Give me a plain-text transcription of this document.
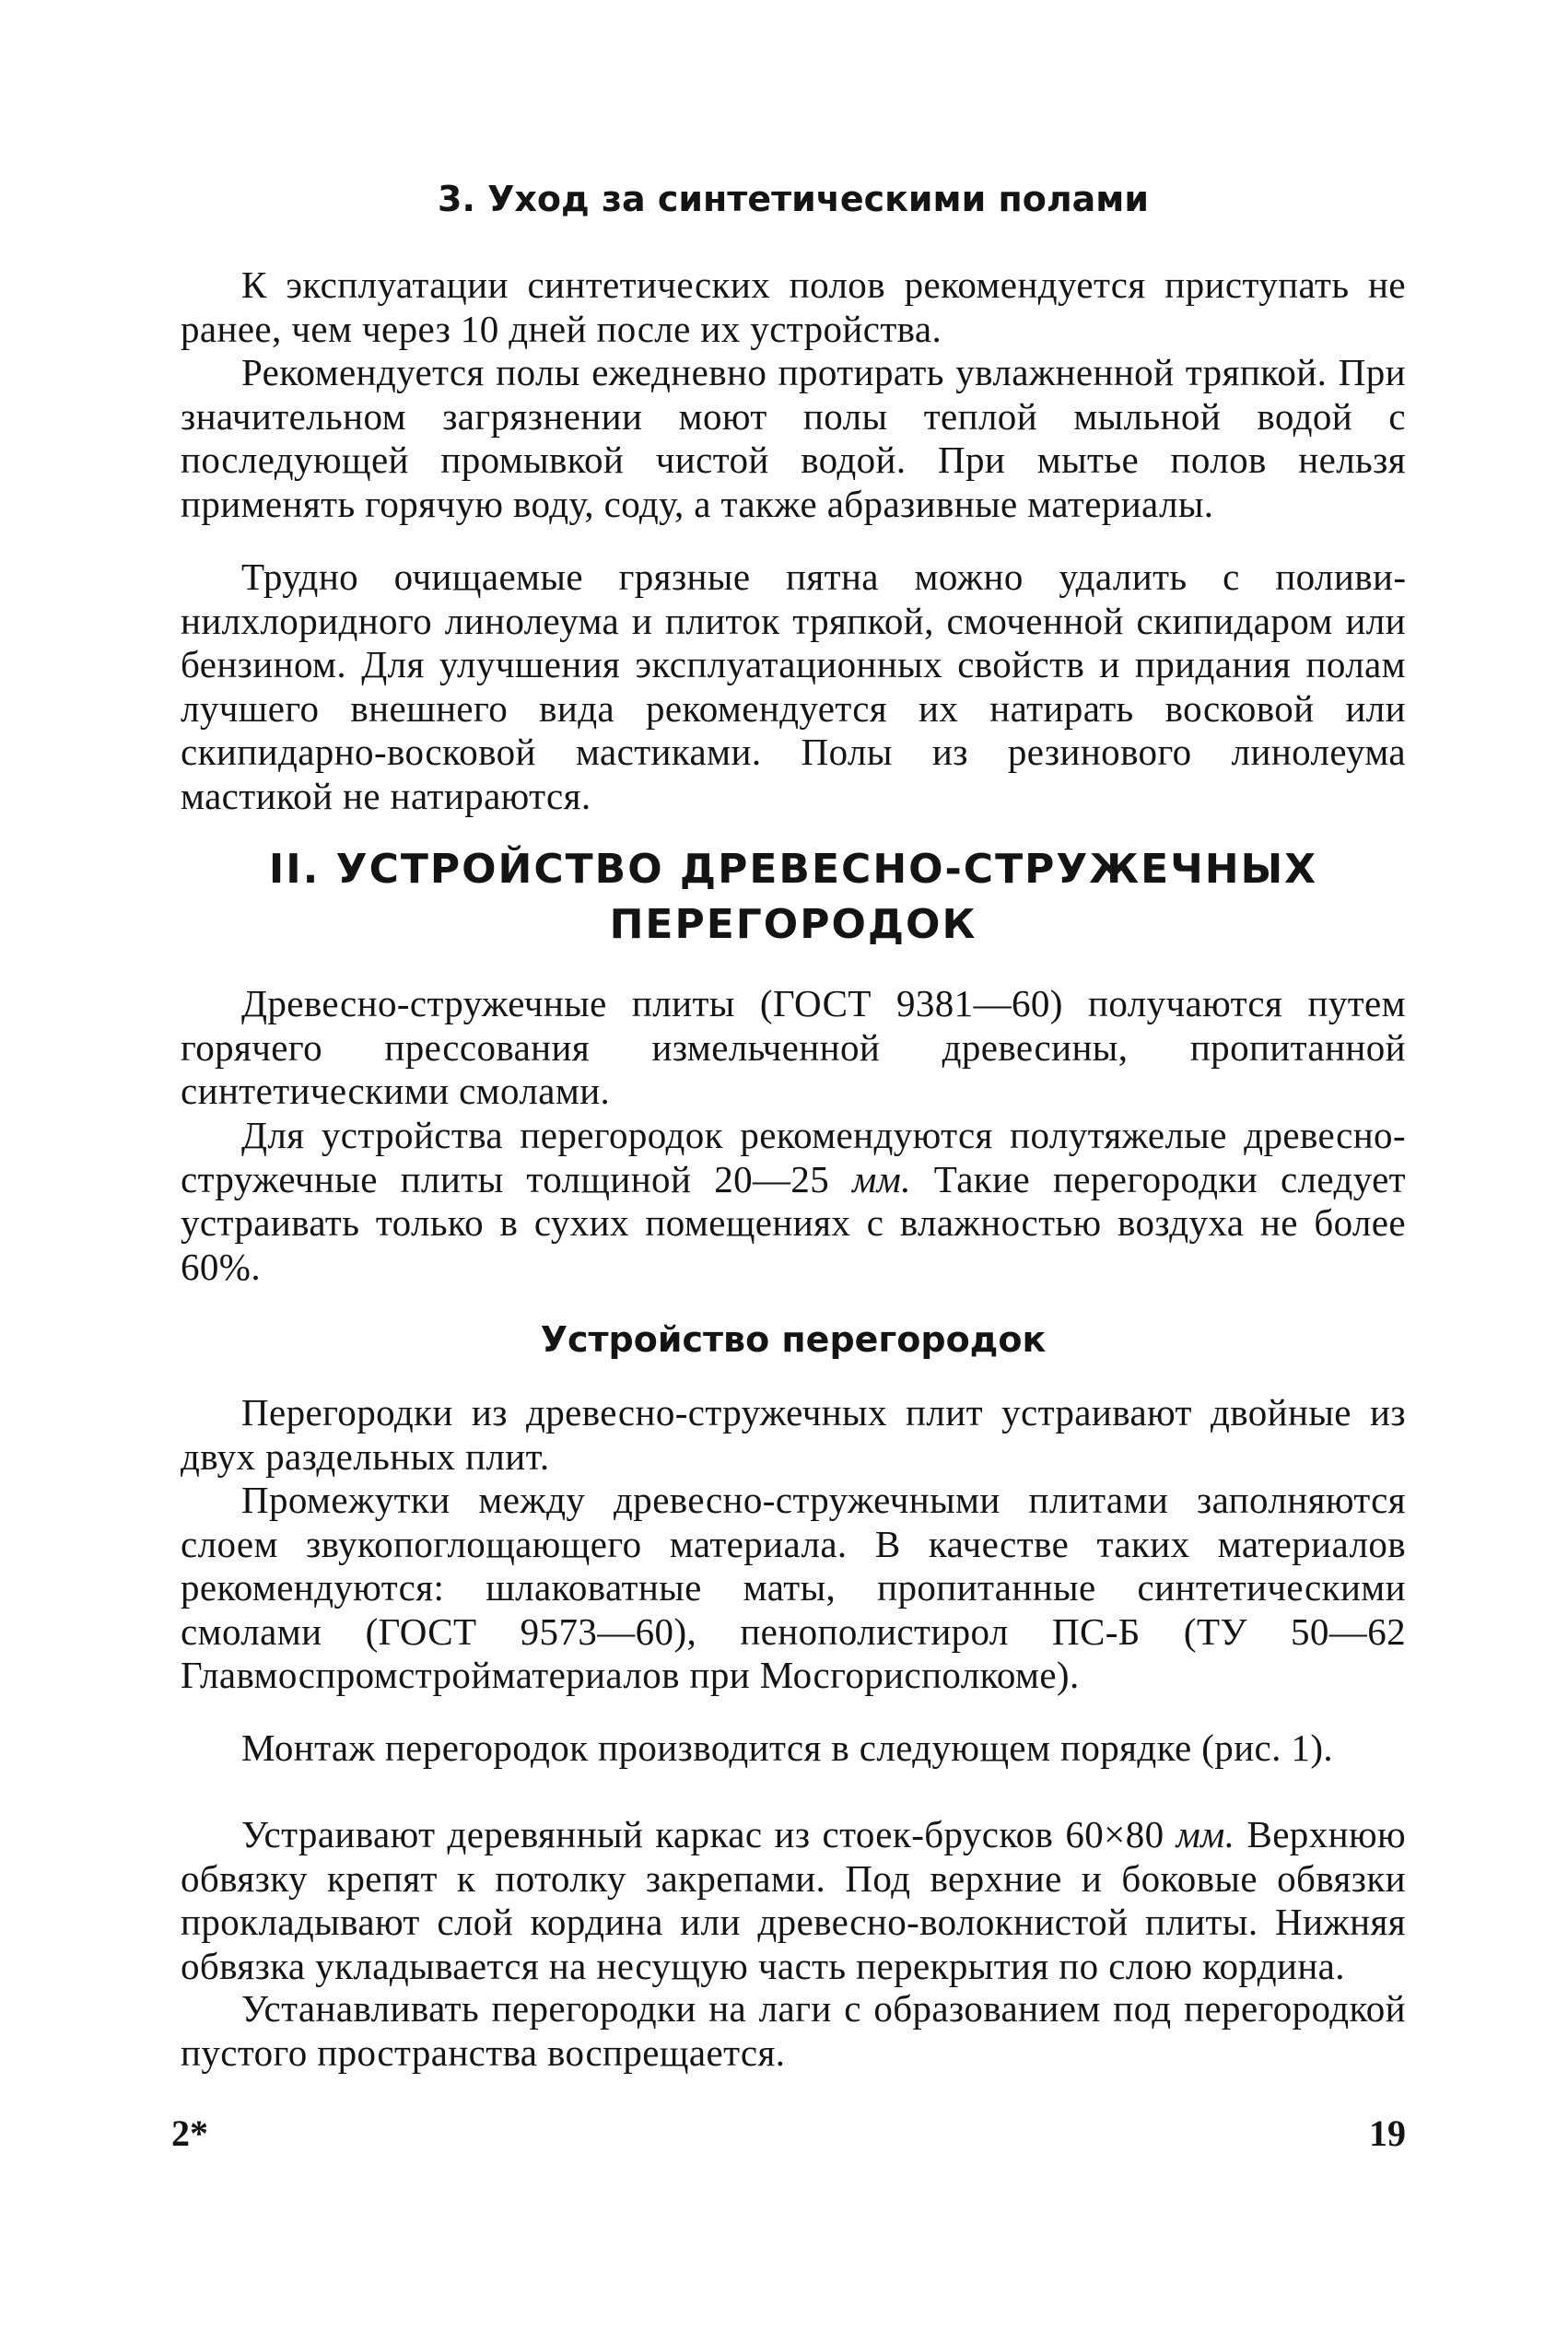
3. Уход за синтетическими полами

К эксплуатации синтетических полов рекомендуется приступать не ранее, чем через 10 дней после их устройства.

Рекомендуется полы ежедневно протирать увлажненной тряпкой. При значительном загрязнении моют полы теплой мыльной водой с последующей промывкой чистой водой. При мытье полов нельзя применять горячую воду, соду, а также абразивные материалы.

Трудно очищаемые грязные пятна можно удалить с поливинилхлоридного линолеума и плиток тряпкой, смоченной скипидаром или бензином. Для улучшения эксплуатационных свойств и придания полам лучшего внешнего вида рекомендуется их натирать восковой или скипидарно-восковой мастиками. Полы из резинового линолеума мастикой не натираются.

II. УСТРОЙСТВО ДРЕВЕСНО-СТРУЖЕЧНЫХ
ПЕРЕГОРОДОК

Древесно-стружечные плиты (ГОСТ 9381—60) получаются путем горячего прессования измельченной древесины, пропитанной синтетическими смолами.

Для устройства перегородок рекомендуются полутяжелые древесно-стружечные плиты толщиной 20—25 мм. Такие перегородки следует устраивать только в сухих помещениях с влажностью воздуха не более 60%.

Устройство перегородок

Перегородки из древесно-стружечных плит устраивают двойные из двух раздельных плит.

Промежутки между древесно-стружечными плитами заполняются слоем звукопоглощающего материала. В качестве таких материалов рекомендуются: шлаковатные маты, пропитанные синтетическими смолами (ГОСТ 9573—60), пенополистирол ПС-Б (ТУ 50—62 Главмоспромстройматериалов при Мосгорисполкоме).

Монтаж перегородок производится в следующем порядке (рис. 1).

Устраивают деревянный каркас из стоек-брусков 60×80 мм. Верхнюю обвязку крепят к потолку закрепами. Под верхние и боковые обвязки прокладывают слой кордина или древесно-волокнистой плиты. Нижняя обвязка укладывается на несущую часть перекрытия по слою кордина.

Устанавливать перегородки на лаги с образованием под перегородкой пустого пространства воспрещается.

2*	19
